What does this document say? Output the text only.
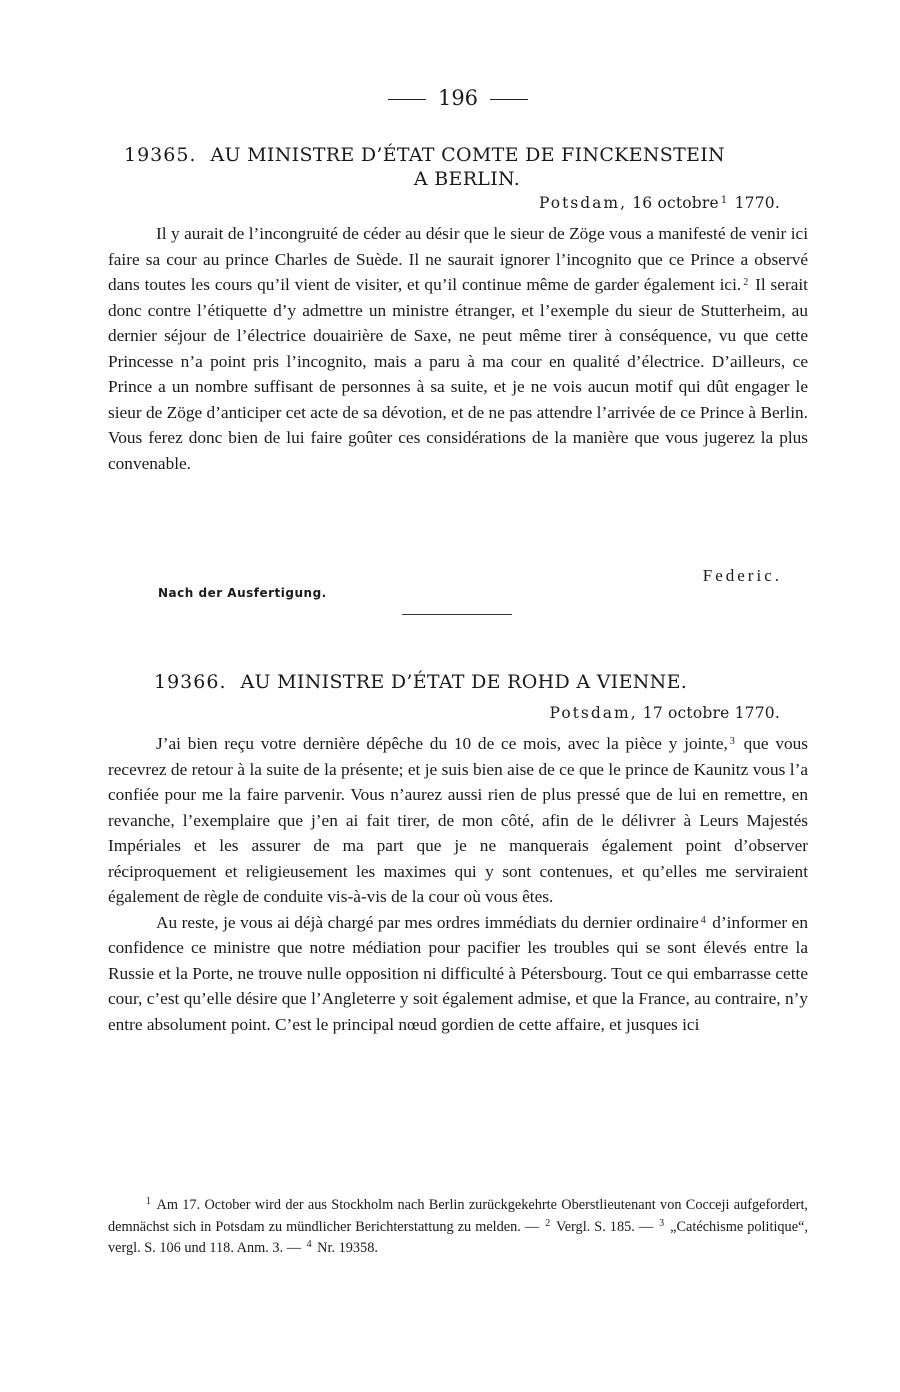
196
19365. AU MINISTRE D’ÉTAT COMTE DE FINCKENSTEIN
A BERLIN.
Potsdam, 16 octobre $^1$ 1770.

Il y aurait de l’incongruité de céder au désir que le sieur de Zöge vous a manifesté de venir ici faire sa cour au prince Charles de Suède. Il ne saurait ignorer l’incognito que ce Prince a observé dans toutes les cours qu’il vient de visiter, et qu’il continue même de garder également ici. $^2$ Il serait donc contre l’étiquette d’y admettre un ministre étranger, et l’exemple du sieur de Stutterheim, au dernier séjour de l’électrice douairière de Saxe, ne peut même tirer à conséquence, vu que cette Princesse n’a point pris l’incognito, mais a paru à ma cour en qualité d’électrice. D’ailleurs, ce Prince a un nombre suffisant de personnes à sa suite, et je ne vois aucun motif qui dût engager le sieur de Zöge d’anticiper cet acte de sa dévotion, et de ne pas attendre l’arrivée de ce Prince à Berlin. Vous ferez donc bien de lui faire goûter ces considérations de la manière que vous jugerez la plus convenable.

Federic.
Nach der Ausfertigung.
19366. AU MINISTRE D’ÉTAT DE ROHD A VIENNE.
Potsdam, 17 octobre 1770.

J’ai bien reçu votre dernière dépêche du 10 de ce mois, avec la pièce y jointe, $^3$ que vous recevrez de retour à la suite de la présente; et je suis bien aise de ce que le prince de Kaunitz vous l’a confiée pour me la faire parvenir. Vous n’aurez aussi rien de plus pressé que de lui en remettre, en revanche, l’exemplaire que j’en ai fait tirer, de mon côté, afin de le délivrer à Leurs Majestés Impériales et les assurer de ma part que je ne manquerais également point d’observer réciproquement et religieusement les maximes qui y sont contenues, et qu’elles me serviraient également de règle de conduite vis-à-vis de la cour où vous êtes.

Au reste, je vous ai déjà chargé par mes ordres immédiats du dernier ordinaire $^4$ d’informer en confidence ce ministre que notre médiation pour pacifier les troubles qui se sont élevés entre la Russie et la Porte, ne trouve nulle opposition ni difficulté à Pétersbourg. Tout ce qui embarrasse cette cour, c’est qu’elle désire que l’Angleterre y soit également admise, et que la France, au contraire, n’y entre absolument point. C’est le principal nœud gordien de cette affaire, et jusques ici

$^1$ Am 17. October wird der aus Stockholm nach Berlin zurückgekehrte Oberstlieutenant von Cocceji aufgefordert, demnächst sich in Potsdam zu mündlicher Berichterstattung zu melden. — $^2$ Vergl. S. 185. — $^3$ „Catéchisme politique“, vergl. S. 106 und 118. Anm. 3. — $^4$ Nr. 19358.
